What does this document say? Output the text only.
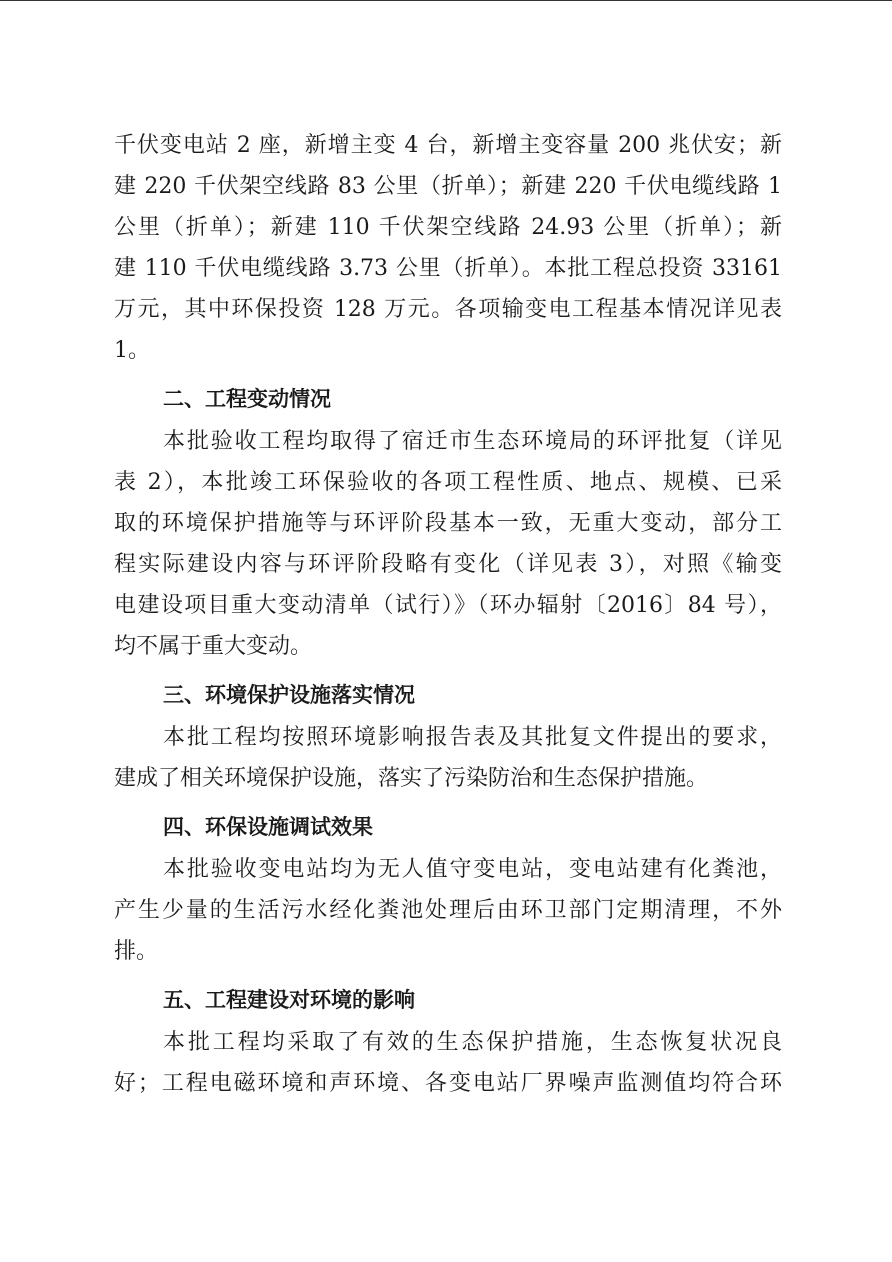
千伏变电站 2 座，新增主变 4 台，新增主变容量 200 兆伏安；新
建 220 千伏架空线路 83 公里（折单）；新建 220 千伏电缆线路 1
公里（折单）；新建 110 千伏架空线路 24.93 公里（折单）；新
建 110 千伏电缆线路 3.73 公里（折单）。本批工程总投资 33161
万元，其中环保投资 128 万元。各项输变电工程基本情况详见表
1。
二、工程变动情况
本批验收工程均取得了宿迁市生态环境局的环评批复（详见
表 2），本批竣工环保验收的各项工程性质、地点、规模、已采
取的环境保护措施等与环评阶段基本一致，无重大变动，部分工
程实际建设内容与环评阶段略有变化（详见表 3），对照《输变
电建设项目重大变动清单（试行）》（环办辐射〔2016〕84 号），
均不属于重大变动。
三、环境保护设施落实情况
本批工程均按照环境影响报告表及其批复文件提出的要求，
建成了相关环境保护设施，落实了污染防治和生态保护措施。
四、环保设施调试效果
本批验收变电站均为无人值守变电站，变电站建有化粪池，
产生少量的生活污水经化粪池处理后由环卫部门定期清理，不外
排。
五、工程建设对环境的影响
本批工程均采取了有效的生态保护措施，生态恢复状况良
好；工程电磁环境和声环境、各变电站厂界噪声监测值均符合环
